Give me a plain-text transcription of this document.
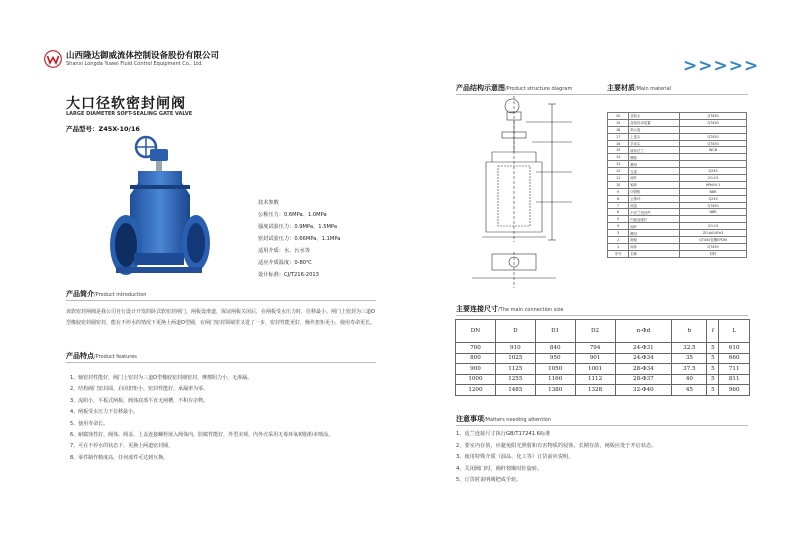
山西隆达御威流体控制设备股份有限公司
Shanxi Longda Yuwei Fluid Control Equipment Co., Ltd.	>>>>>
大口径软密封闸阀
LARGE DIAMETER SOFT-SEALING GATE VALVE
产品型号：Z45X-10/16
技术参数
公称压力：0.6MPa、1.0MPa
强度试验压力：0.9MPa、1.5MPa
密封试验压力：0.66MPa、1.1MPa
适用介质：水、污水等
适应介质温度：0-80℃
设计标准：CJ/T216-2013
产品简介/Product introduction
该软密封闸阀是我公司自行设计开发的卧式软密封闸门，闸板设滑道，保证闸板关闭后，在闸板受水压力时，位移最小。闸门上密封为三道O型橡胶密封圈密封，能在不停水的情况下更换上两道O型圈，在闸门密封领域里又进了一步，密封性能更好，操作扭矩更小，使用寿命更长。
产品特点/Product features
1、轴密封性能好，阀门上密封为三道O型橡胶密封圈密封，摩擦阻力小，无渗漏。
2、结构阀门密封面，启闭扭矩小，密封性能好，承漏率为零。
3、流阻小，平板式闸板，阀体底部平直无闸槽，不积存杂物。
4、闸板受水压力下位移最小。
5、使用寿命长。
6、耐腐蚀性好，阀体、阀盖、上盖连接螺栓嵌入阀体内，防腐性能好，外型美观，内外壳采用无毒环氧树脂粉末喷涂。
7、可在不停水的状态下，更换上两道密封圈。
8、零件制作精度高，任何部件可达到互换。
产品结构示意图/Product structure diagram	主要材质/Main material
20	齿轮头	QT450
19	齿轮传动装置	QT450
18	指示盘	
17	上盖头	QT450
16	手动头	QT450
15	缓冲法兰	WCB
14	螺栓	
13	螺母	
12	支架	Q235
11	阀杆	2Cr13
10	轴套	HPb59-1
9	O型圈	NBR
8	止推环	Q235
7	阀盖	QT450
6	中法兰密封件	NBR
5	内嵌加强钉	
4	阀杆	2Cr13
3	螺母	ZCuAl10Fe3
2	闸板	QT450包覆EPDM
1	阀体	QT450
序号	名称	材料
主要连接尺寸/The main connection size
DN	D	D1	D2	n-Φd	b	f	L
700	910	840	794	24-Φ31	32.5	5	610
800	1025	950	901	24-Φ34	35	5	660
900	1125	1050	1001	28-Φ34	37.5	5	711
1000	1255	1160	1112	28-Φ37	40	5	811
1200	1485	1380	1328	32-Φ40	45	5	960
注意事项/Matters needing attention
1、适兰连接尺寸执行GB/T17241.6标准
2、要室内存放，应避免阳光照射和有害物质的侵蚀，长期存放，闸板应处于开启状态。
3、使用特殊介质（油品、化工等）订货前应说明。
4、关闭阀门时，阀杆按顺时针旋转。
5、订货时说明阀把或手轮。
